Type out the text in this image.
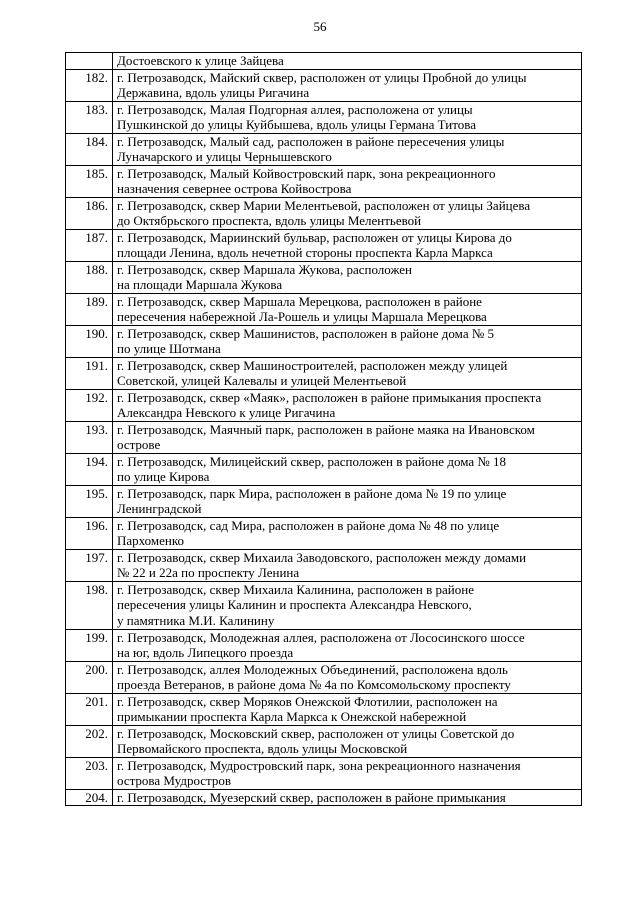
56
	Достоевского к улице Зайцева
182.	г. Петрозаводск, Майский сквер, расположен от улицы Пробной до улицы
Державина, вдоль улицы Ригачина
183.	г. Петрозаводск, Малая Подгорная аллея, расположена от улицы
Пушкинской до улицы Куйбышева, вдоль улицы Германа Титова
184.	г. Петрозаводск, Малый сад, расположен в районе пересечения улицы
Луначарского и улицы Чернышевского
185.	г. Петрозаводск, Малый Койвостровский парк, зона рекреационного
назначения севернее острова Койвострова
186.	г. Петрозаводск, сквер Марии Мелентьевой, расположен от улицы Зайцева
до Октябрьского проспекта, вдоль улицы Мелентьевой
187.	г. Петрозаводск, Мариинский бульвар, расположен от улицы Кирова до
площади Ленина, вдоль нечетной стороны проспекта Карла Маркса
188.	г. Петрозаводск, сквер Маршала Жукова, расположен
на площади Маршала Жукова
189.	г. Петрозаводск, сквер Маршала Мерецкова, расположен в районе
пересечения набережной Ла-Рошель и улицы Маршала Мерецкова
190.	г. Петрозаводск, сквер Машинистов, расположен в районе дома № 5
по улице Шотмана
191.	г. Петрозаводск, сквер Машиностроителей, расположен между улицей
Советской, улицей Калевалы и улицей Мелентьевой
192.	г. Петрозаводск, сквер «Маяк», расположен в районе примыкания проспекта
Александра Невского к улице Ригачина
193.	г. Петрозаводск, Маячный парк, расположен в районе маяка на Ивановском
острове
194.	г. Петрозаводск, Милицейский сквер, расположен в районе дома № 18
по улице Кирова
195.	г. Петрозаводск, парк Мира, расположен в районе дома № 19 по улице
Ленинградской
196.	г. Петрозаводск, сад Мира, расположен в районе дома № 48 по улице
Пархоменко
197.	г. Петрозаводск, сквер Михаила Заводовского, расположен между домами
№ 22 и 22а по проспекту Ленина
198.	г. Петрозаводск, сквер Михаила Калинина, расположен в районе
пересечения улицы Калинин и проспекта Александра Невского,
у памятника М.И. Калинину
199.	г. Петрозаводск, Молодежная аллея, расположена от Лососинского шоссе
на юг, вдоль Липецкого проезда
200.	г. Петрозаводск, аллея Молодежных Объединений, расположена вдоль
проезда Ветеранов, в районе дома № 4а по Комсомольскому проспекту
201.	г. Петрозаводск, сквер Моряков Онежской Флотилии, расположен на
примыкании проспекта Карла Маркса к Онежской набережной
202.	г. Петрозаводск, Московский сквер, расположен от улицы Советской до
Первомайского проспекта, вдоль улицы Московской
203.	г. Петрозаводск, Мудростровский парк, зона рекреационного назначения
острова Мудростров
204.	г. Петрозаводск, Муезерский сквер, расположен в районе примыкания
